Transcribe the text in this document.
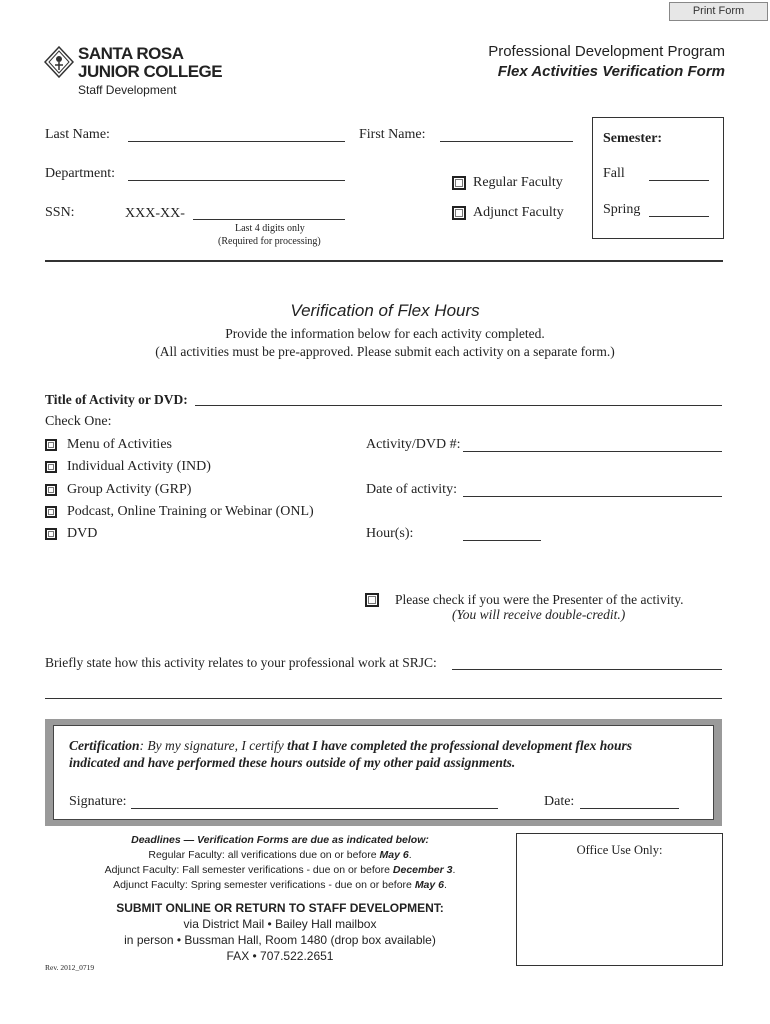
Print Form
SANTA ROSA
JUNIOR COLLEGE
Staff Development
Professional Development Program
Flex Activities Verification Form
Last Name:	First Name:
Department:
SSN:	XXX-XX-
Last 4 digits only
(Required for processing)
Regular Faculty
Adjunct Faculty
Semester:
Fall
Spring
Verification of Flex Hours
Provide the information below for each activity completed.
(All activities must be pre-approved. Please submit each activity on a separate form.)
Title of Activity or DVD:
Check One:
Menu of Activities
Individual Activity (IND)
Group Activity (GRP)
Podcast, Online Training or Webinar (ONL)
DVD
Activity/DVD #:
Date of activity:
Hour(s):
Please check if you were the Presenter of the activity.
(You will receive double-credit.)
Briefly state how this activity relates to your professional work at SRJC:
Certification: By my signature, I certify that I have completed the professional development flex hours
indicated and have performed these hours outside of my other paid assignments.
Signature:	Date:
Deadlines — Verification Forms are due as indicated below:
Regular Faculty: all verifications due on or before May 6.
Adjunct Faculty: Fall semester verifications - due on or before December 3.
Adjunct Faculty: Spring semester verifications - due on or before May 6.
SUBMIT ONLINE OR RETURN TO STAFF DEVELOPMENT:
via District Mail • Bailey Hall mailbox
in person • Bussman Hall, Room 1480 (drop box available)
FAX • 707.522.2651
Rev. 2012_0719
Office Use Only:
